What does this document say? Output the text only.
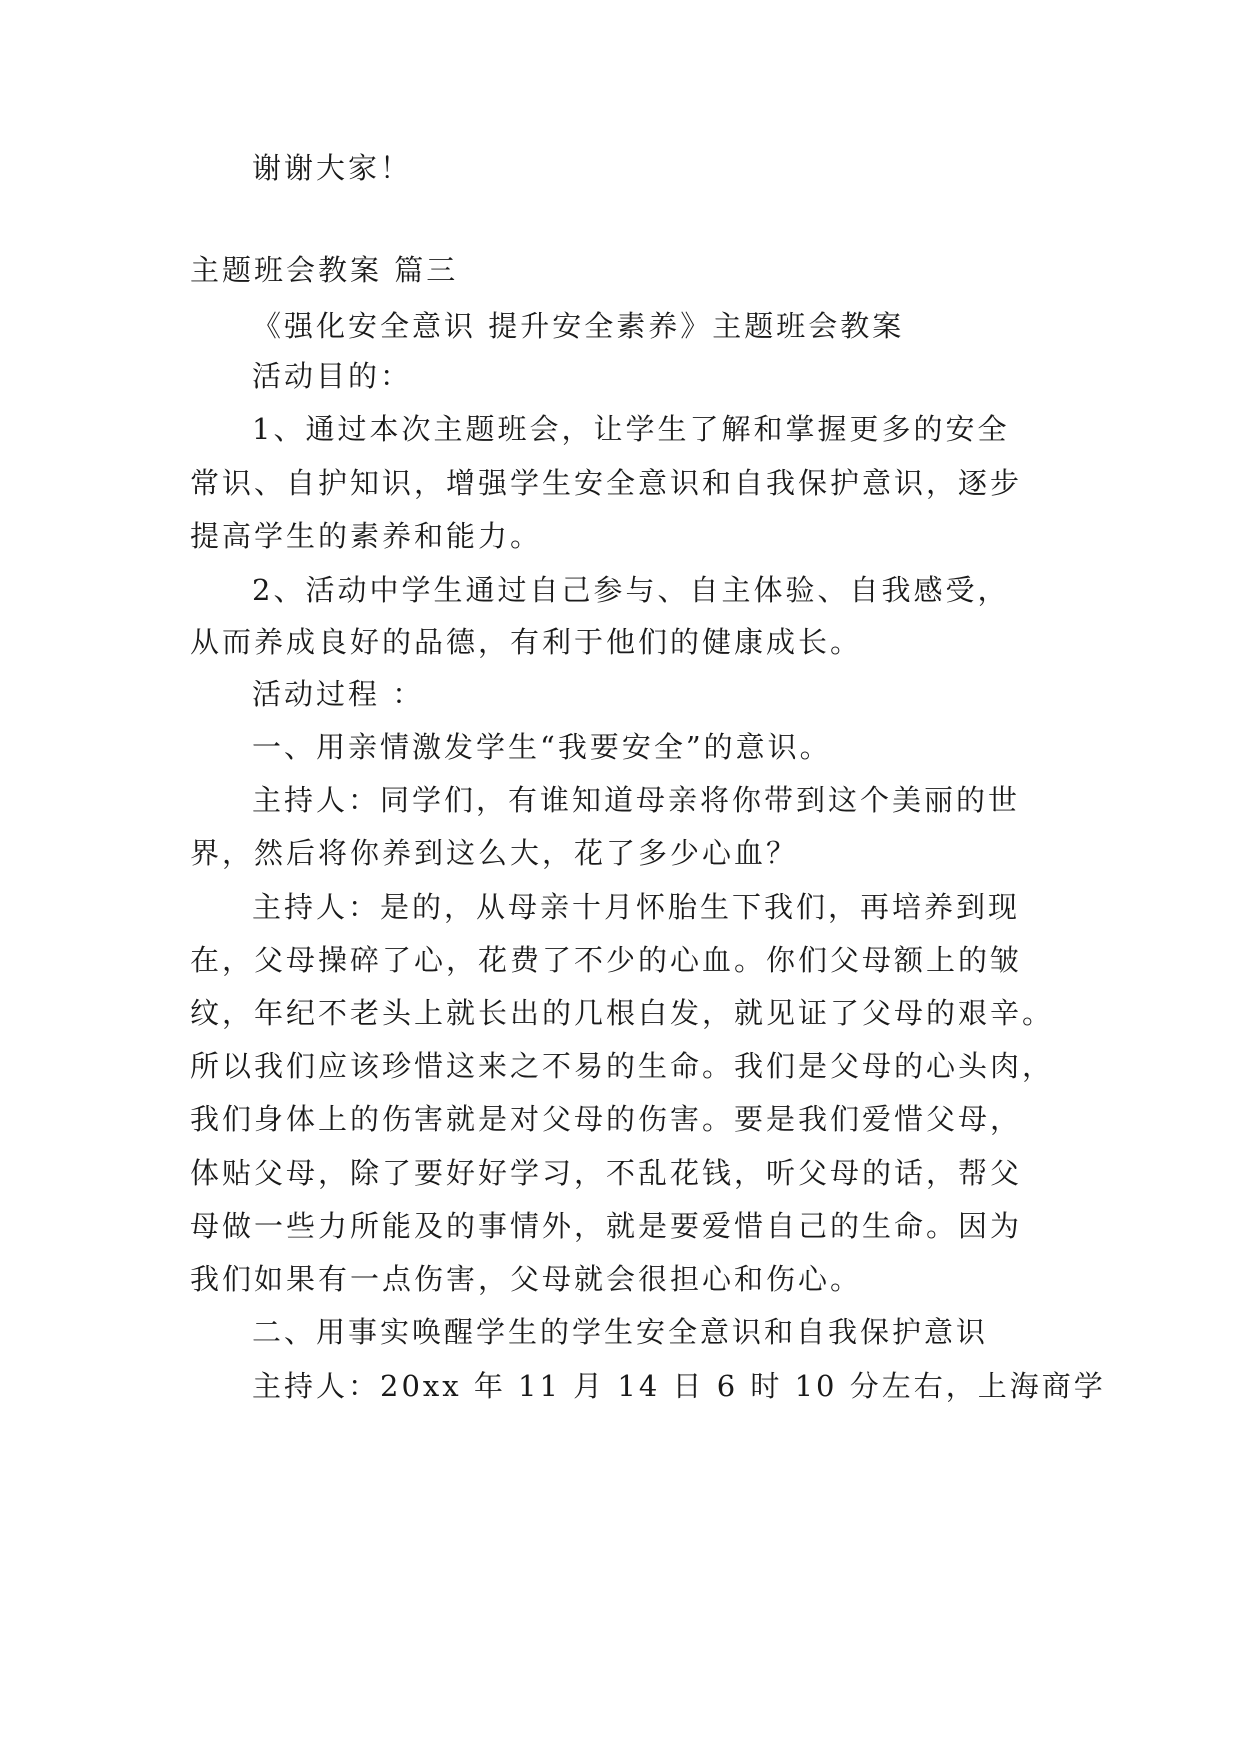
谢谢大家！
主题班会教案 篇三
《强化安全意识 提升安全素养》主题班会教案
活动目的：
1、通过本次主题班会，让学生了解和掌握更多的安全
常识、自护知识，增强学生安全意识和自我保护意识，逐步
提高学生的素养和能力。
2、活动中学生通过自己参与、自主体验、自我感受，
从而养成良好的品德，有利于他们的健康成长。
活动过程 ：
一、用亲情激发学生“我要安全”的意识。
主持人：同学们，有谁知道母亲将你带到这个美丽的世
界，然后将你养到这么大，花了多少心血？
主持人：是的，从母亲十月怀胎生下我们，再培养到现
在，父母操碎了心，花费了不少的心血。你们父母额上的皱
纹，年纪不老头上就长出的几根白发，就见证了父母的艰辛。
所以我们应该珍惜这来之不易的生命。我们是父母的心头肉，
我们身体上的伤害就是对父母的伤害。要是我们爱惜父母，
体贴父母，除了要好好学习，不乱花钱，听父母的话，帮父
母做一些力所能及的事情外，就是要爱惜自己的生命。因为
我们如果有一点伤害，父母就会很担心和伤心。
二、用事实唤醒学生的学生安全意识和自我保护意识
主持人：20xx 年 11 月 14 日 6 时 10 分左右，上海商学
